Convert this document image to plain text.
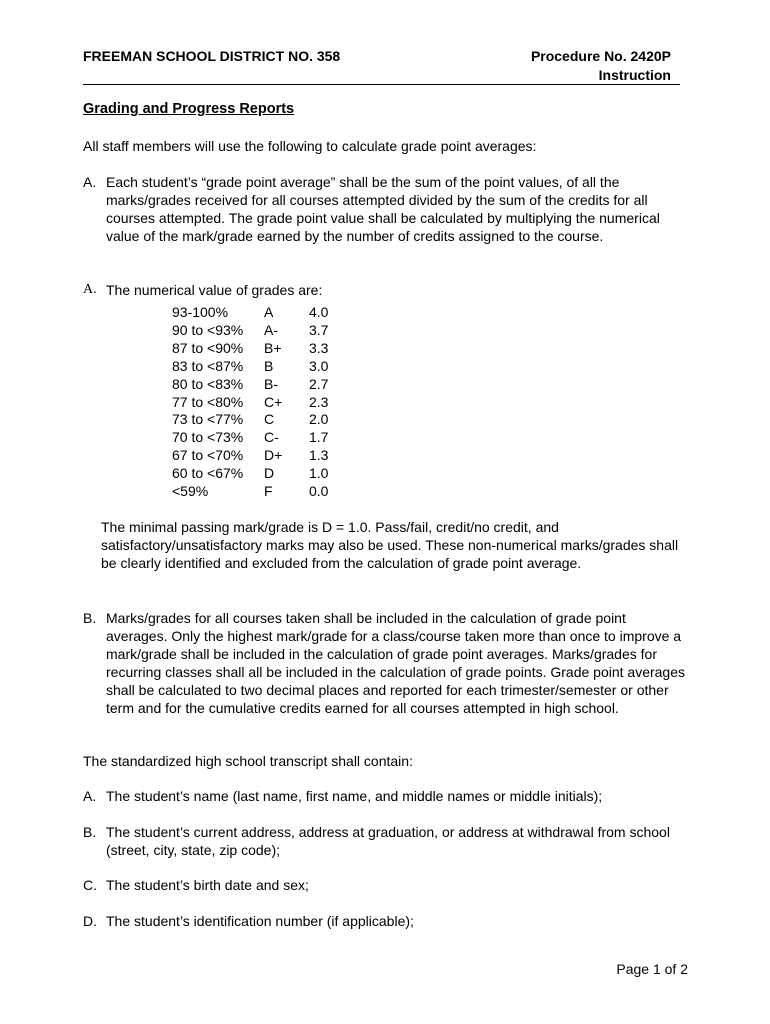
FREEMAN SCHOOL DISTRICT NO. 358	Procedure No. 2420P
Instruction
Grading and Progress Reports
All staff members will use the following to calculate grade point averages:
A. Each student’s “grade point average” shall be the sum of the point values, of all the marks/grades received for all courses attempted divided by the sum of the credits for all courses attempted. The grade point value shall be calculated by multiplying the numerical value of the mark/grade earned by the number of credits assigned to the course.
A. The numerical value of grades are:
93-100%	A	4.0
90 to <93%	A-	3.7
87 to <90%	B+	3.3
83 to <87%	B	3.0
80 to <83%	B-	2.7
77 to <80%	C+	2.3
73 to <77%	C	2.0
70 to <73%	C-	1.7
67 to <70%	D+	1.3
60 to <67%	D	1.0
<59%	F	0.0
The minimal passing mark/grade is D = 1.0. Pass/fail, credit/no credit, and satisfactory/unsatisfactory marks may also be used. These non-numerical marks/grades shall be clearly identified and excluded from the calculation of grade point average.
B. Marks/grades for all courses taken shall be included in the calculation of grade point averages. Only the highest mark/grade for a class/course taken more than once to improve a mark/grade shall be included in the calculation of grade point averages. Marks/grades for recurring classes shall all be included in the calculation of grade points. Grade point averages shall be calculated to two decimal places and reported for each trimester/semester or other term and for the cumulative credits earned for all courses attempted in high school.
The standardized high school transcript shall contain:
A. The student’s name (last name, first name, and middle names or middle initials);
B. The student’s current address, address at graduation, or address at withdrawal from school (street, city, state, zip code);
C. The student’s birth date and sex;
D. The student’s identification number (if applicable);
Page 1 of 2
